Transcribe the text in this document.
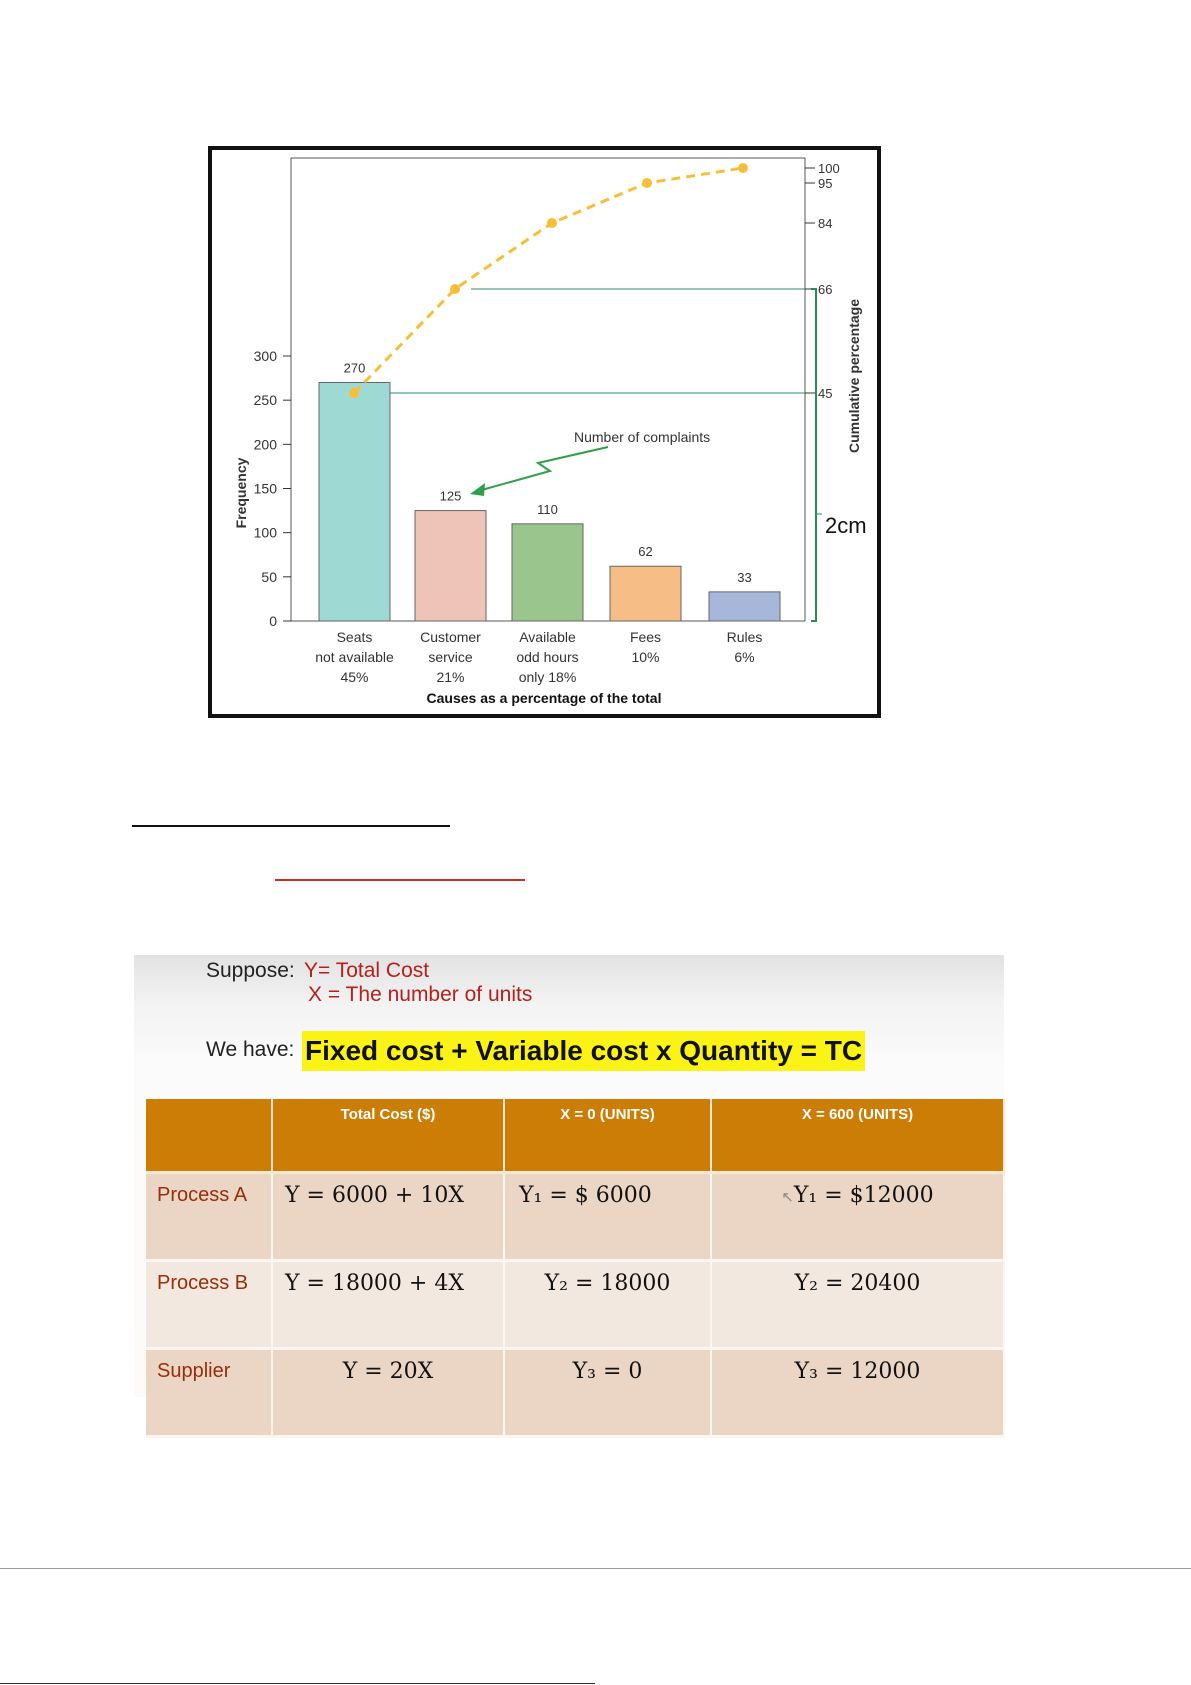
0
50
100
150
200
250
300
Frequency
45
66
84
95
100
Cumulative percentage
2cm
270
125
110
62
33
Seats not available 45%
Customer service 21%
Available odd hours only 18%
Fees 10%
Rules 6%
Causes as a percentage of the total
Number of complaints
Suppose: Y= Total Cost
X = The number of units
We have: Fixed cost + Variable cost x Quantity = TC
	Total Cost ($)	X = 0 (UNITS)	X = 600 (UNITS)
Process A	Y = 6000 + 10X	Y₁ = $ 6000	↖Y₁ = $12000
Process B	Y = 18000 + 4X	Y₂ = 18000	Y₂ = 20400
Supplier	Y = 20X	Y₃ = 0	Y₃ = 12000
